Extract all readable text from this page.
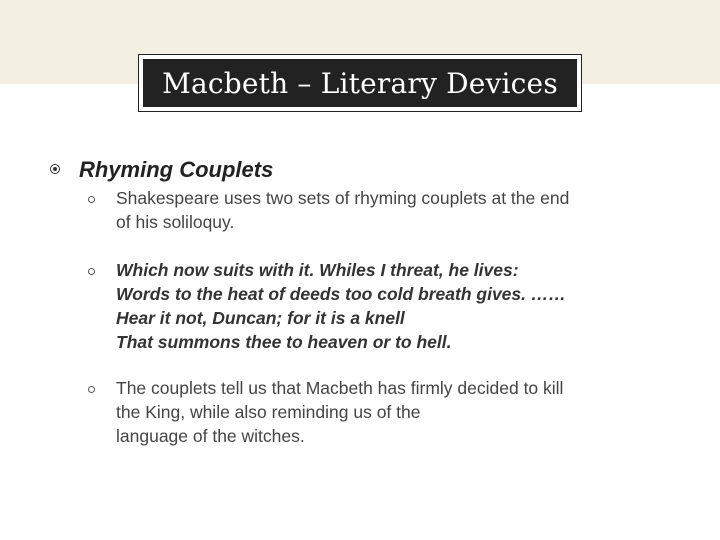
Macbeth – Literary Devices
Rhyming Couplets
Shakespeare uses two sets of rhyming couplets at the end
of his soliloquy.
Which now suits with it. Whiles I threat, he lives:
Words to the heat of deeds too cold breath gives. ……
Hear it not, Duncan; for it is a knell
That summons thee to heaven or to hell.
The couplets tell us that Macbeth has firmly decided to kill
the King, while also reminding us of the
language of the witches.
